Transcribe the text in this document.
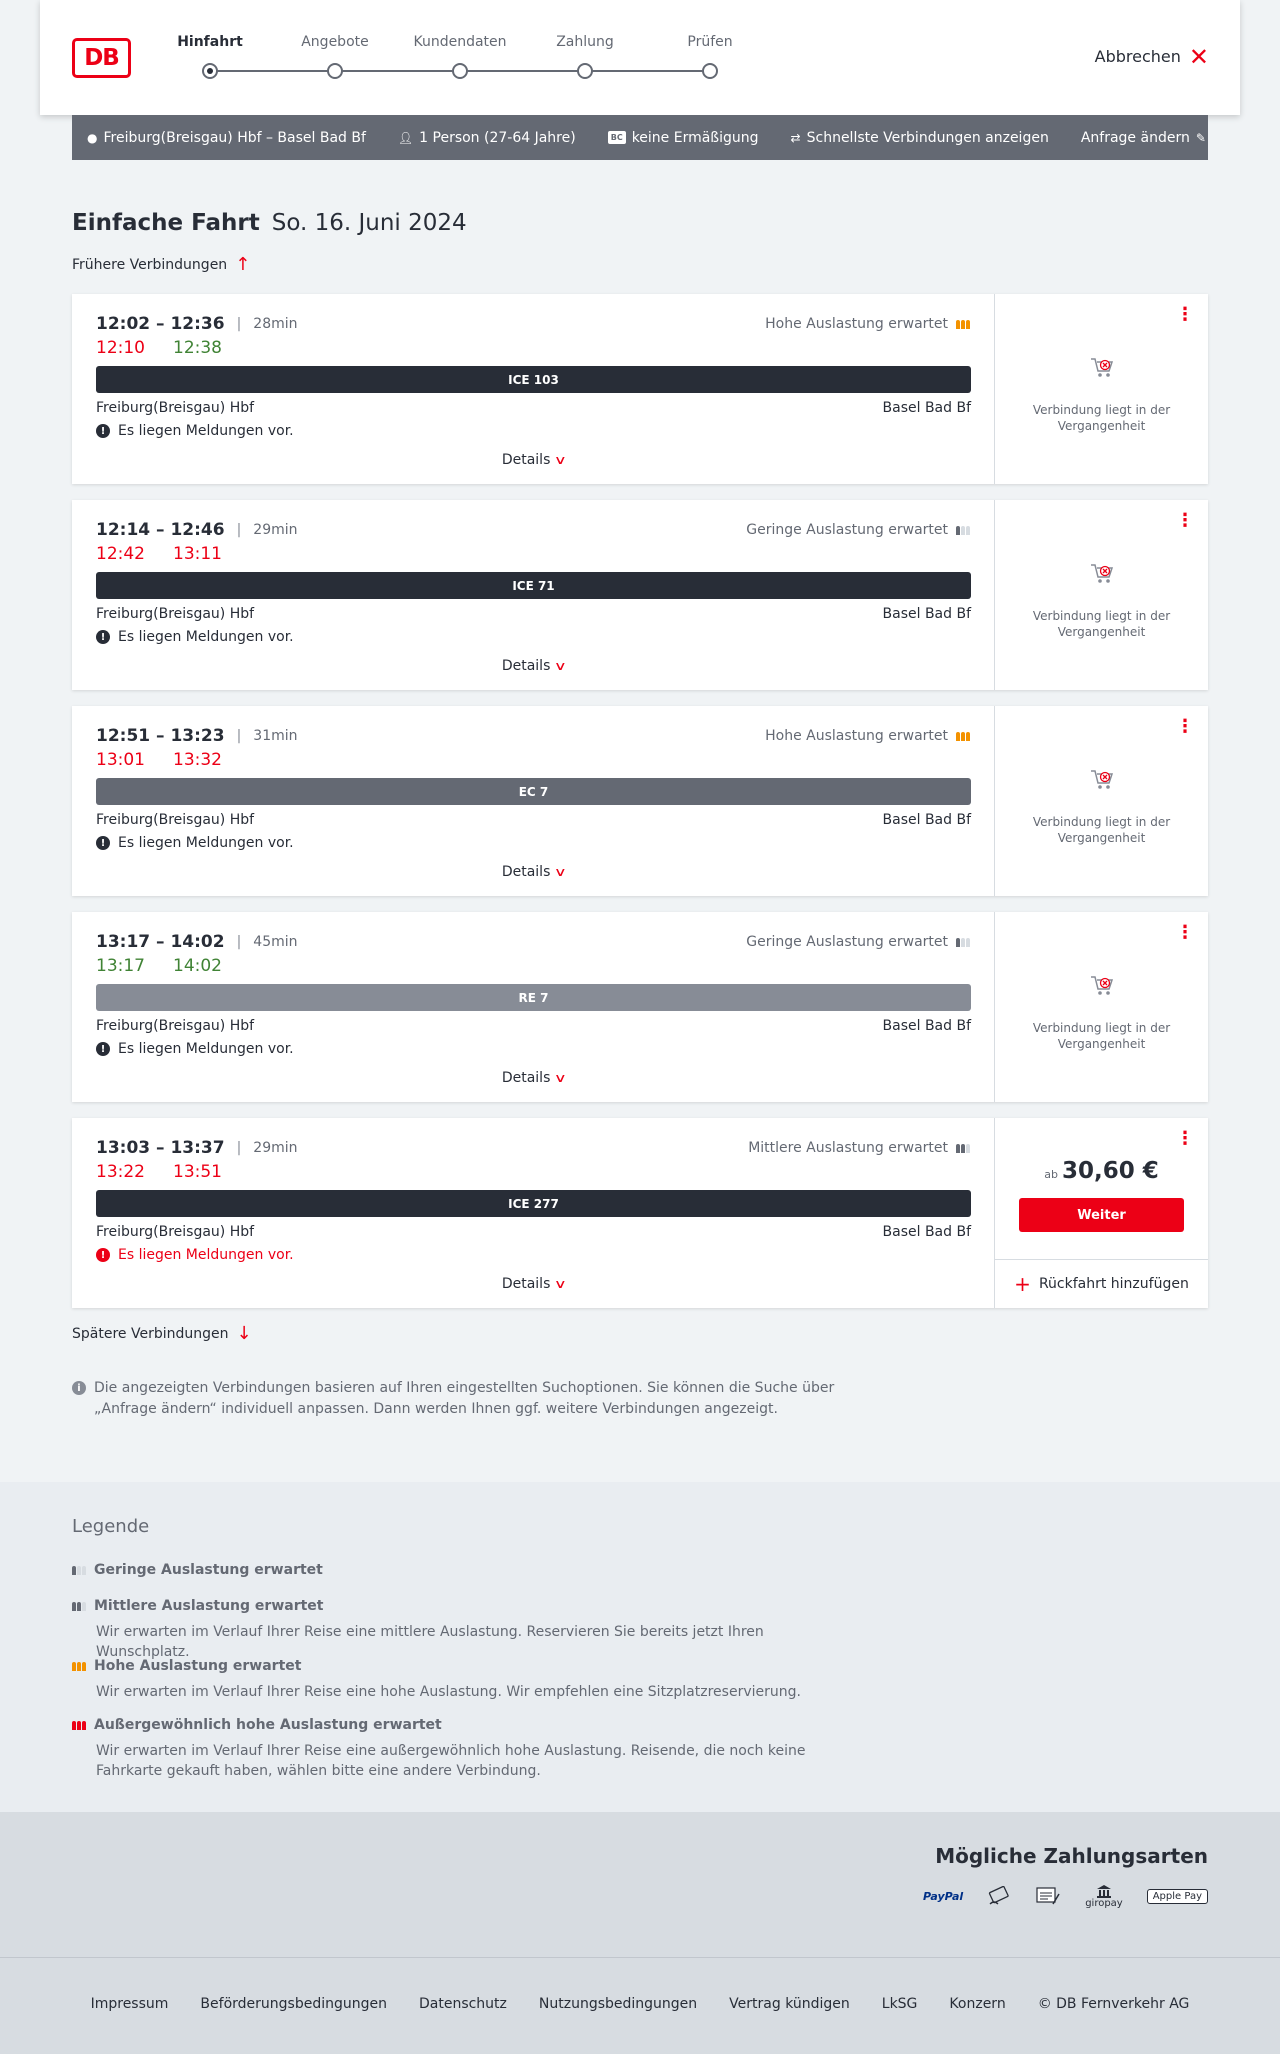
DB
Hinfahrt	Angebote	Kundendaten	Zahlung	Prüfen
Abbrechen ✕
● Freiburg(Breisgau) Hbf – Basel Bad Bf	👤︎ 1 Person (27-64 Jahre)	BC keine Ermäßigung	⇄ Schnellste Verbindungen anzeigen Anfrage ändern ✎
Einfache Fahrt So. 16. Juni 2024
Frühere Verbindungen ↑
12:02 – 12:36 | 28min
12:10 12:38
Hohe Auslastung erwartet
ICE 103
Freiburg(Breisgau) Hbf	Basel Bad Bf
! Es liegen Meldungen vor.
Details ∨
⋮
Verbindung liegt in der Vergangenheit
12:14 – 12:46 | 29min
12:42 13:11
Geringe Auslastung erwartet
ICE 71
Freiburg(Breisgau) Hbf	Basel Bad Bf
! Es liegen Meldungen vor.
Details ∨
⋮
Verbindung liegt in der Vergangenheit
12:51 – 13:23 | 31min
13:01 13:32
Hohe Auslastung erwartet
EC 7
Freiburg(Breisgau) Hbf	Basel Bad Bf
! Es liegen Meldungen vor.
Details ∨
⋮
Verbindung liegt in der Vergangenheit
13:17 – 14:02 | 45min
13:17 14:02
Geringe Auslastung erwartet
RE 7
Freiburg(Breisgau) Hbf	Basel Bad Bf
! Es liegen Meldungen vor.
Details ∨
⋮
Verbindung liegt in der Vergangenheit
13:03 – 13:37 | 29min
13:22 13:51
Mittlere Auslastung erwartet
ICE 277
Freiburg(Breisgau) Hbf	Basel Bad Bf
! Es liegen Meldungen vor.
Details ∨
⋮
ab 30,60 €
Weiter
+ Rückfahrt hinzufügen
Spätere Verbindungen ↓
i Die angezeigten Verbindungen basieren auf Ihren eingestellten Suchoptionen. Sie können die Suche über „Anfrage ändern“ individuell anpassen. Dann werden Ihnen ggf. weitere Verbindungen angezeigt.
Legende
Geringe Auslastung erwartet
Mittlere Auslastung erwartet
Wir erwarten im Verlauf Ihrer Reise eine mittlere Auslastung. Reservieren Sie bereits jetzt Ihren Wunschplatz.
Hohe Auslastung erwartet
Wir erwarten im Verlauf Ihrer Reise eine hohe Auslastung. Wir empfehlen eine Sitzplatzreservierung.
Außergewöhnlich hohe Auslastung erwartet
Wir erwarten im Verlauf Ihrer Reise eine außergewöhnlich hohe Auslastung. Reisende, die noch keine Fahrkarte gekauft haben, wählen bitte eine andere Verbindung.
Mögliche Zahlungsarten
PayPal
giropay
Apple Pay
Impressum Beförderungsbedingungen Datenschutz Nutzungsbedingungen Vertrag kündigen LkSG Konzern © DB Fernverkehr AG
